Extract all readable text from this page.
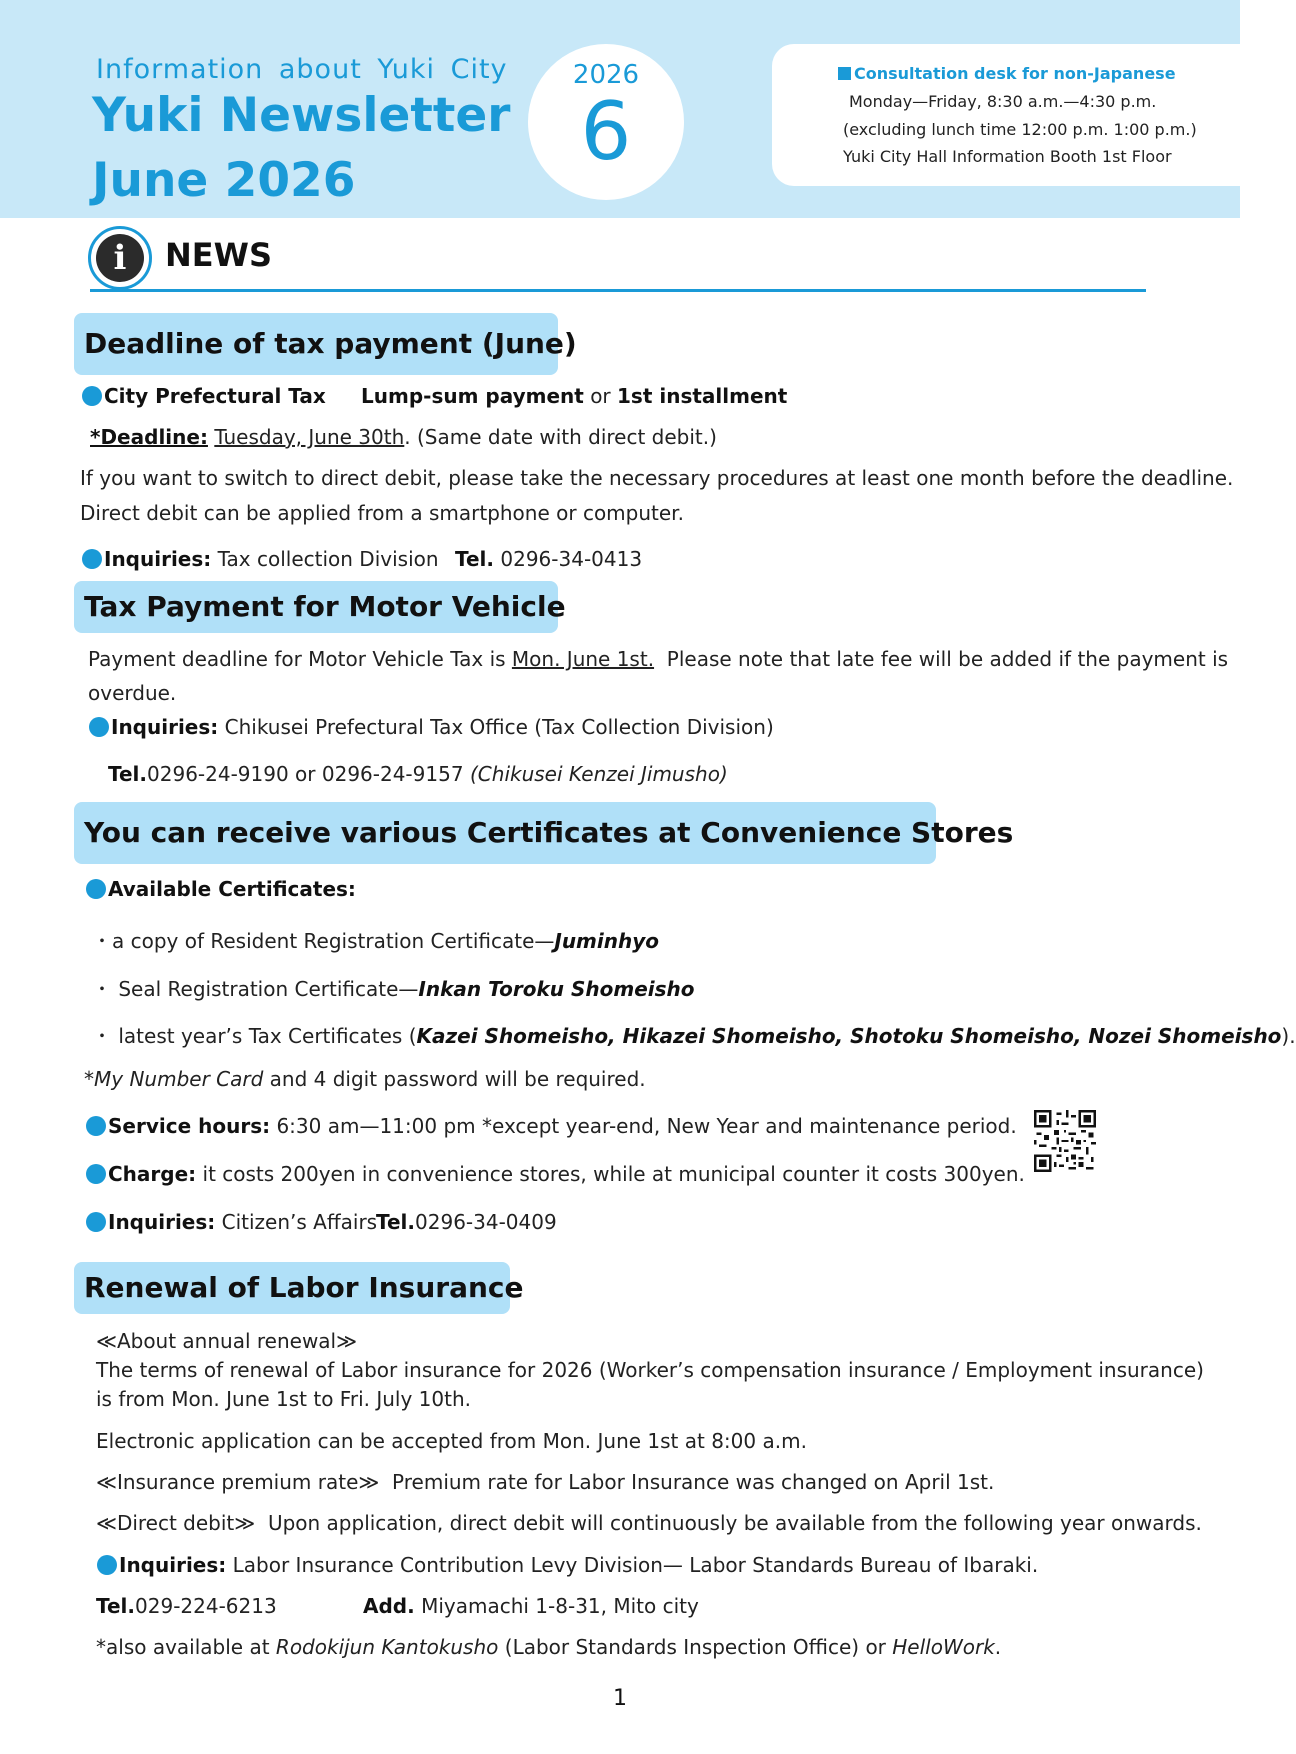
Information about Yuki City
Yuki Newsletter
June 2026
2026
6
Consultation desk for non-Japanese
Monday—Friday, 8:30 a.m.—4:30 p.m.
(excluding lunch time 12:00 p.m. 1:00 p.m.)
Yuki City Hall Information Booth 1st Floor
i	NEWS
Deadline of tax payment (June)
City Prefectural Tax Lump-sum payment or 1st installment
*Deadline: Tuesday, June 30th. (Same date with direct debit.)
If you want to switch to direct debit, please take the necessary procedures at least one month before the deadline.
Direct debit can be applied from a smartphone or computer.
Inquiries: Tax collection Division Tel. 0296-34-0413
Tax Payment for Motor Vehicle
Payment deadline for Motor Vehicle Tax is Mon. June 1st. Please note that late fee will be added if the payment is
overdue.
Inquiries: Chikusei Prefectural Tax Office (Tax Collection Division)
Tel.0296-24-9190 or 0296-24-9157 (Chikusei Kenzei Jimusho)
You can receive various Certificates at Convenience Stores
Available Certificates:
・a copy of Resident Registration Certificate—Juminhyo
・ Seal Registration Certificate—Inkan Toroku Shomeisho
・ latest year’s Tax Certificates (Kazei Shomeisho, Hikazei Shomeisho, Shotoku Shomeisho, Nozei Shomeisho).
*My Number Card and 4 digit password will be required.
Service hours: 6:30 am—11:00 pm *except year-end, New Year and maintenance period.
Charge: it costs 200yen in convenience stores, while at municipal counter it costs 300yen.
Inquiries: Citizen’s Affairs
Tel.0296-34-0409
Renewal of Labor Insurance
≪About annual renewal≫
The terms of renewal of Labor insurance for 2026 (Worker’s compensation insurance / Employment insurance)
is from Mon. June 1st to Fri. July 10th.
Electronic application can be accepted from Mon. June 1st at 8:00 a.m.
≪Insurance premium rate≫ Premium rate for Labor Insurance was changed on April 1st.
≪Direct debit≫ Upon application, direct debit will continuously be available from the following year onwards.
Inquiries: Labor Insurance Contribution Levy Division— Labor Standards Bureau of Ibaraki.
Tel.029-224-6213	Add. Miyamachi 1-8-31, Mito city
*also available at Rodokijun Kantokusho (Labor Standards Inspection Office) or HelloWork.
1
